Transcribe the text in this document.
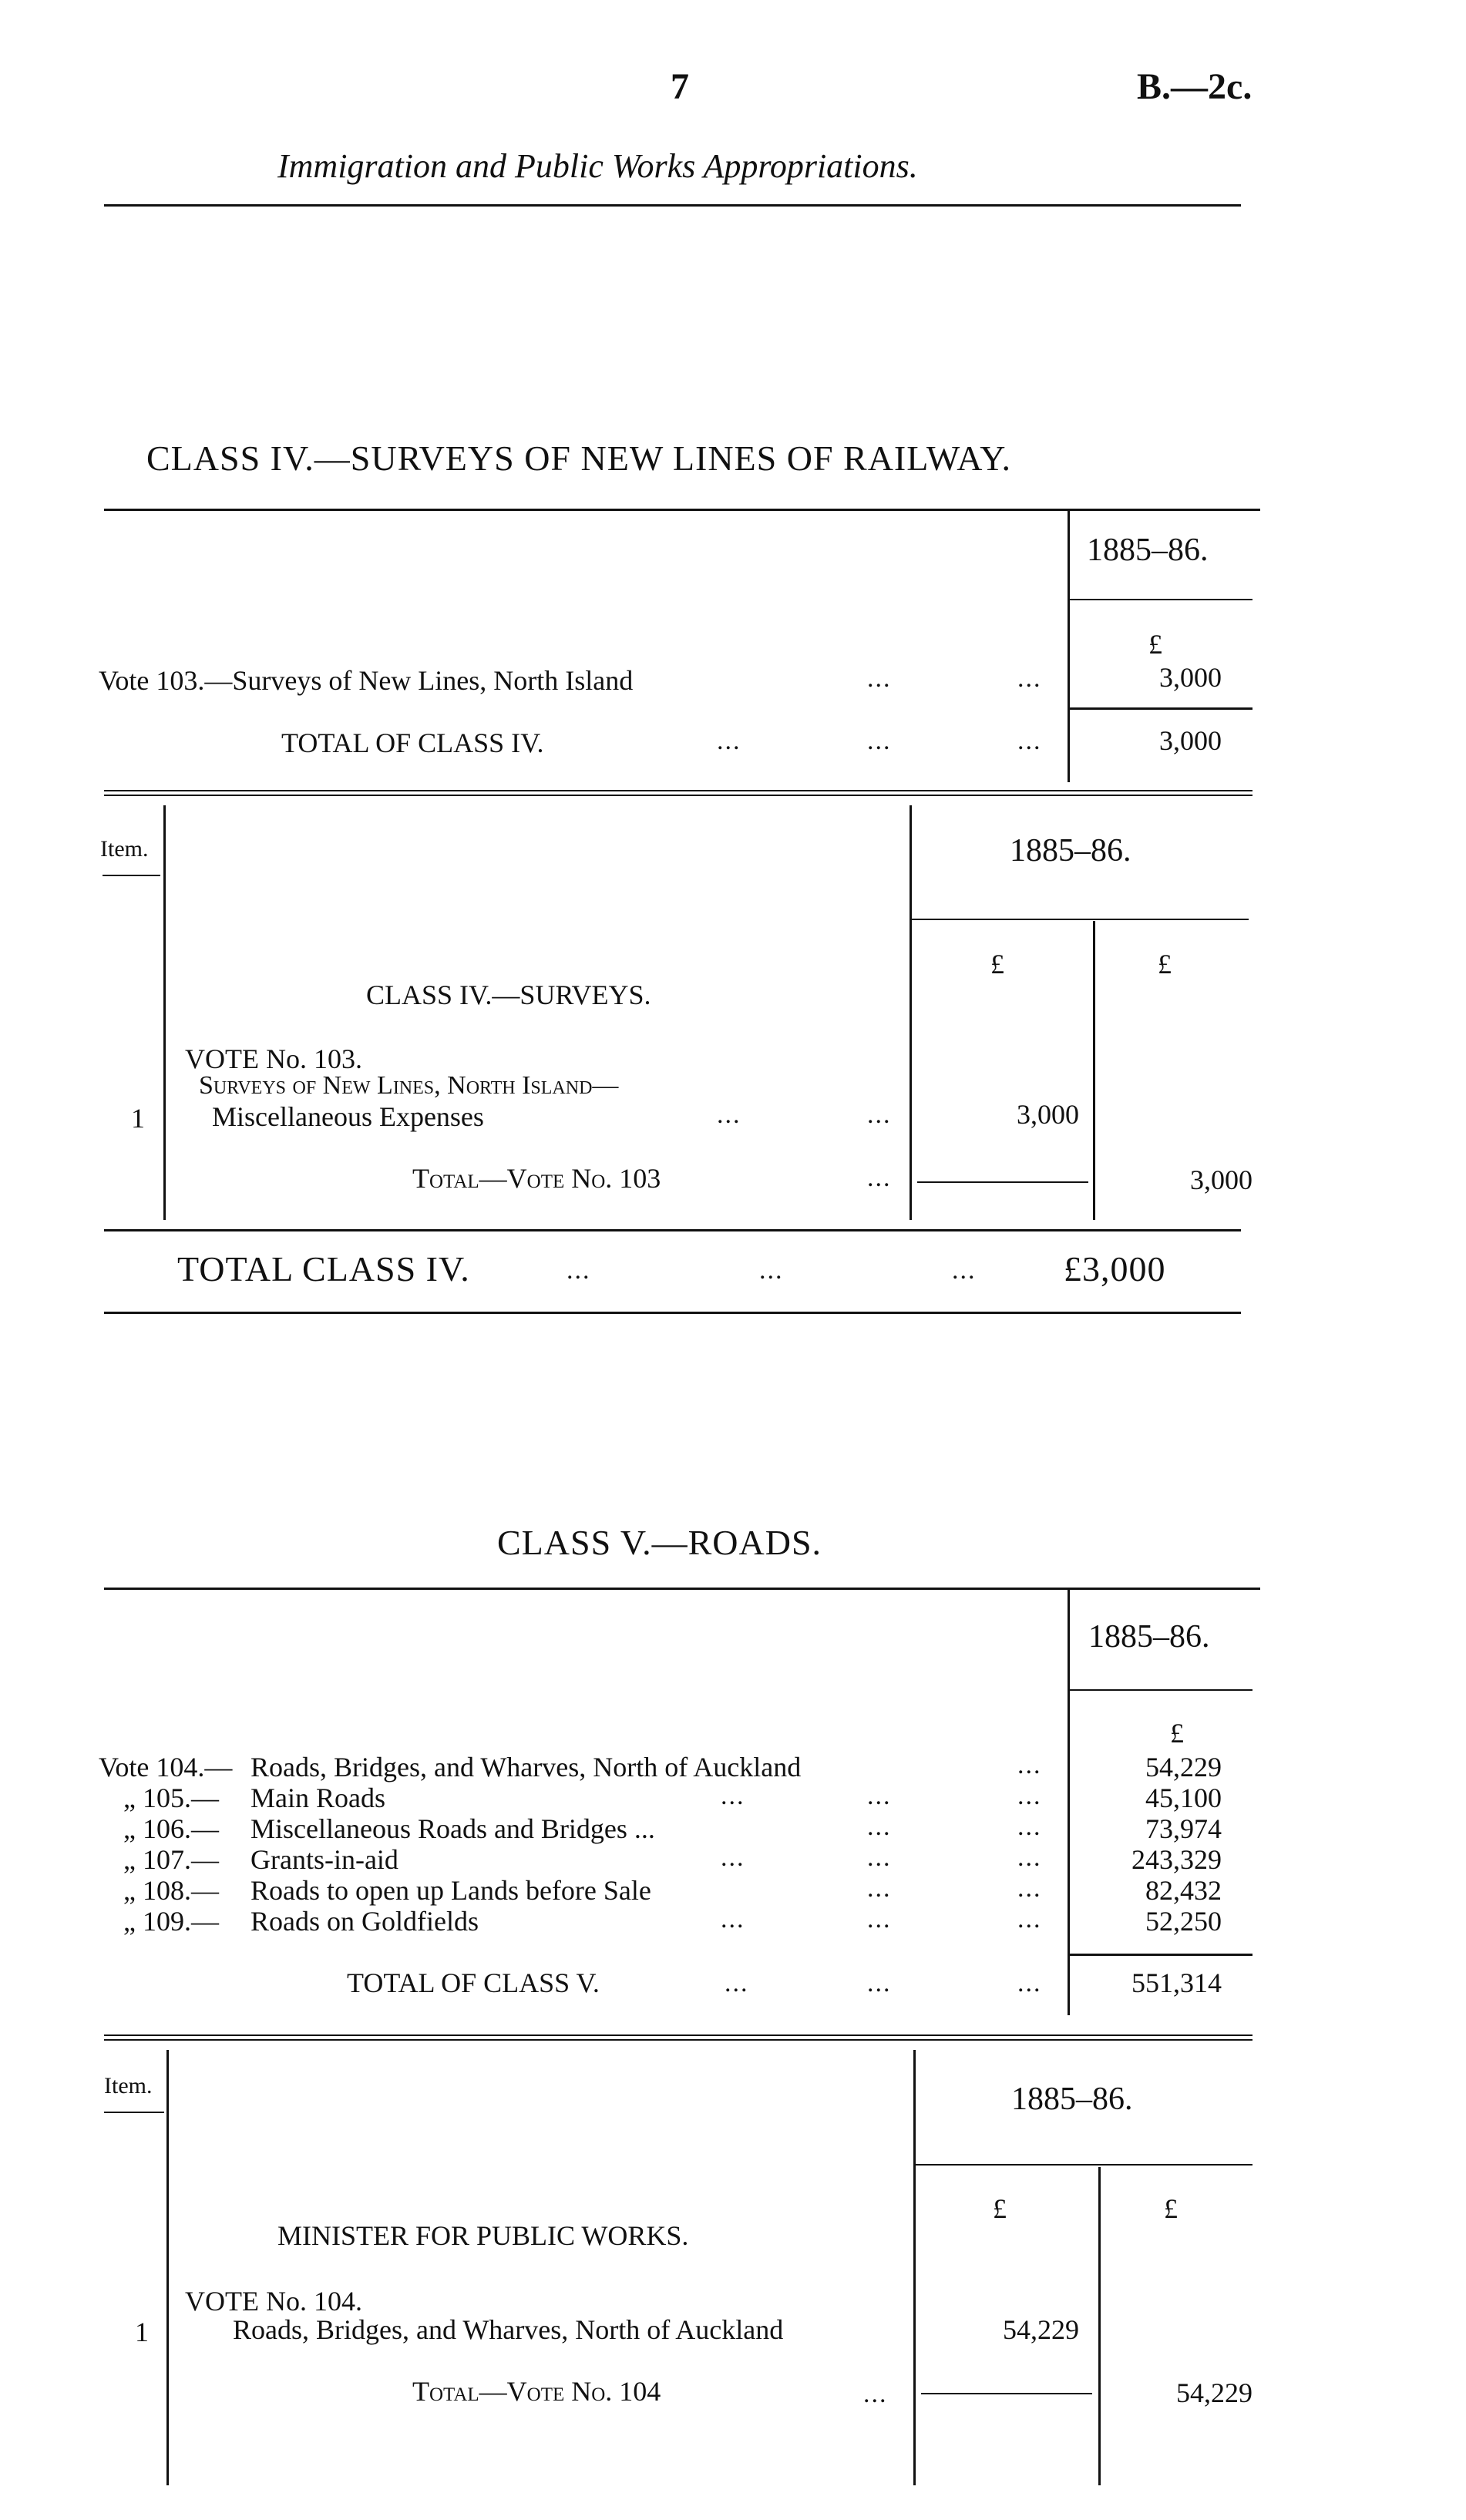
7	B.—2c.
Immigration and Public Works Appropriations.
CLASS IV.—SURVEYS OF NEW LINES OF RAILWAY.
1885–86.
£
Vote 103.—Surveys of New Lines, North Island	...	...	3,000
TOTAL OF CLASS IV.	...	...	...	3,000
Item.	1885–86.
£	£
CLASS IV.—SURVEYS.
VOTE No. 103.
Surveys of New Lines, North Island—
1 Miscellaneous Expenses	...	...	3,000
Total—Vote No. 103	...	3,000
TOTAL CLASS IV.	...	...	... £3,000
CLASS V.—ROADS.
1885–86.
£
Vote 104.— Roads, Bridges, and Wharves, North of Auckland	...	54,229
„ 105.— Main Roads	...	...	...	45,100
„ 106.— Miscellaneous Roads and Bridges ...	...	...	73,974
„ 107.— Grants-in-aid	...	...	...	243,329
„ 108.— Roads to open up Lands before Sale	...	...	82,432
„ 109.— Roads on Goldfields	...	...	...	52,250
TOTAL OF CLASS V.	...	...	...	551,314
Item.	1885–86.
£	£
MINISTER FOR PUBLIC WORKS.
VOTE No. 104.
1	Roads, Bridges, and Wharves, North of Auckland	54,229
Total—Vote No. 104	...	54,229
